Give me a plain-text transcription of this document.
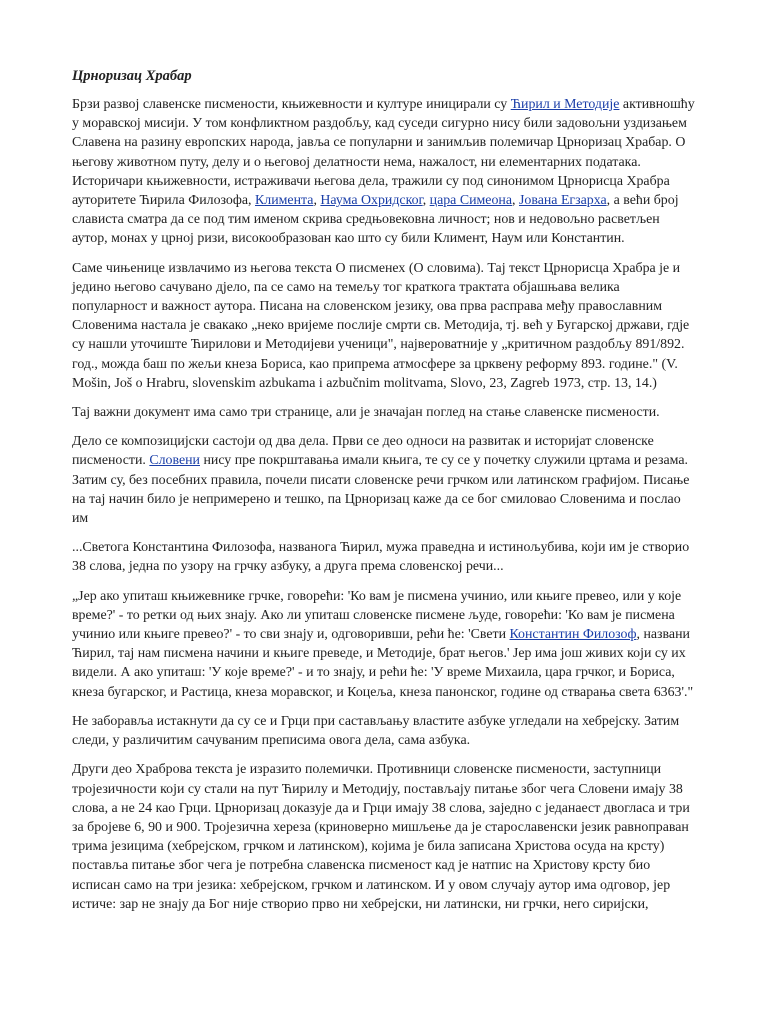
Црноризац Храбар

Брзи развој славенске писмености, књижевности и културе иницирали су Ћирил и Методије активношћу у моравској мисији. У том конфликтном раздобљу, кад суседи сигурно нису били задовољни уздизањем Славена на разину европских народа, јавља се популарни и занимљив полемичар Црноризац Храбар. О његову животном путу, делу и о његовој делатности нема, нажалост, ни елементарних података. Историчари књижевности, истраживачи његова дела, тражили су под синонимом Црнорисца Храбра ауторитете Ћирила Филозофа, Климента, Наума Охридског, цара Симеона, Јована Егзарха, а већи број слависта сматра да се под тим именом скрива средњовековна личност; нов и недовољно расветљен аутор, монах у црној ризи, високообразован као што су били Климент, Наум или Константин.

Саме чињенице извлачимо из његова текста О писменех (О словима). Тај текст Црнорисца Храбра је и једино његово сачувано дјело, па се само на темељу тог краткога трактата објашњава велика популарност и важност аутора. Писана на словенском језику, ова прва расправа међу православним Словенима настала је свакако „неко вријеме послије смрти св. Методија, тј. већ у Бугарској држави, гдје су нашли уточиште Ћирилови и Методијеви ученици", највероватније у „критичном раздобљу 891/892. год., можда баш по жељи кнеза Бориса, као припрема атмосфере за црквену реформу 893. године." (V. Mošin, Još o Hrabru, slovenskim azbukama i azbučnim molitvama, Slovo, 23, Zagreb 1973, стр. 13, 14.)

Тај важни документ има само три странице, али је значајан поглед на стање славенске писмености.

Дело се композицијски састоји од два дела. Први се део односи на развитак и историјат словенске писмености. Словени нису пре покрштавања имали књига, те су се у почетку служили цртама и резама. Затим су, без посебних правила, почели писати словенске речи грчком или латинском графијом. Писање на тај начин било је непримерено и тешко, па Црноризац каже да се бог смиловао Словенима и послао им

...Светога Константина Филозофа, названога Ћирил, мужа праведна и истинољубива, који им је створио 38 слова, једна по узору на грчку азбуку, а друга према словенској речи...

„Јер ако упиташ књижевнике грчке, говорећи: 'Ко вам је писмена учинио, или књиге превео, или у које време?' - то ретки од њих знају. Ако ли упиташ словенске писмене људе, говорећи: 'Ко вам је писмена учинио или књиге превео?' - то сви знају и, одговоривши, рећи ће: 'Свети Константин Филозоф, названи Ћирил, тај нам писмена начини и књиге преведе, и Методије, брат његов.' Јер има још живих који су их видели. А ако упиташ: 'У које време?' - и то знају, и рећи ће: 'У време Михаила, цара грчког, и Бориса, кнеза бугарског, и Растица, кнеза моравског, и Коцеља, кнеза панонског, године од стварања света 6363'."

Не заборавља истакнути да су се и Грци при састављању властите азбуке угледали на хебрејску. Затим следи, у различитим сачуваним преписима овога дела, сама азбука.

Други део Храброва текста је изразито полемички. Противници словенске писмености, заступници тројезичности који су стали на пут Ћирилу и Методију, постављају питање због чега Словени имају 38 слова, а не 24 као Грци. Црноризац доказује да и Грци имају 38 слова, заједно с једанаест двогласа и три за бројеве 6, 90 и 900. Тројезична хереза (криноверно мишљење да је старославенски језик равноправан трима језицима (хебрејском, грчком и латинском), којима је била записана Христова осуда на крсту) поставља питање због чега је потребна славенска писменост кад је натпис на Христову крсту био исписан само на три језика: хебрејском, грчком и латинском. И у овом случају аутор има одговор, јер истиче: зар не знају да Бог није створио прво ни хебрејски, ни латински, ни грчки, него сиријски,
